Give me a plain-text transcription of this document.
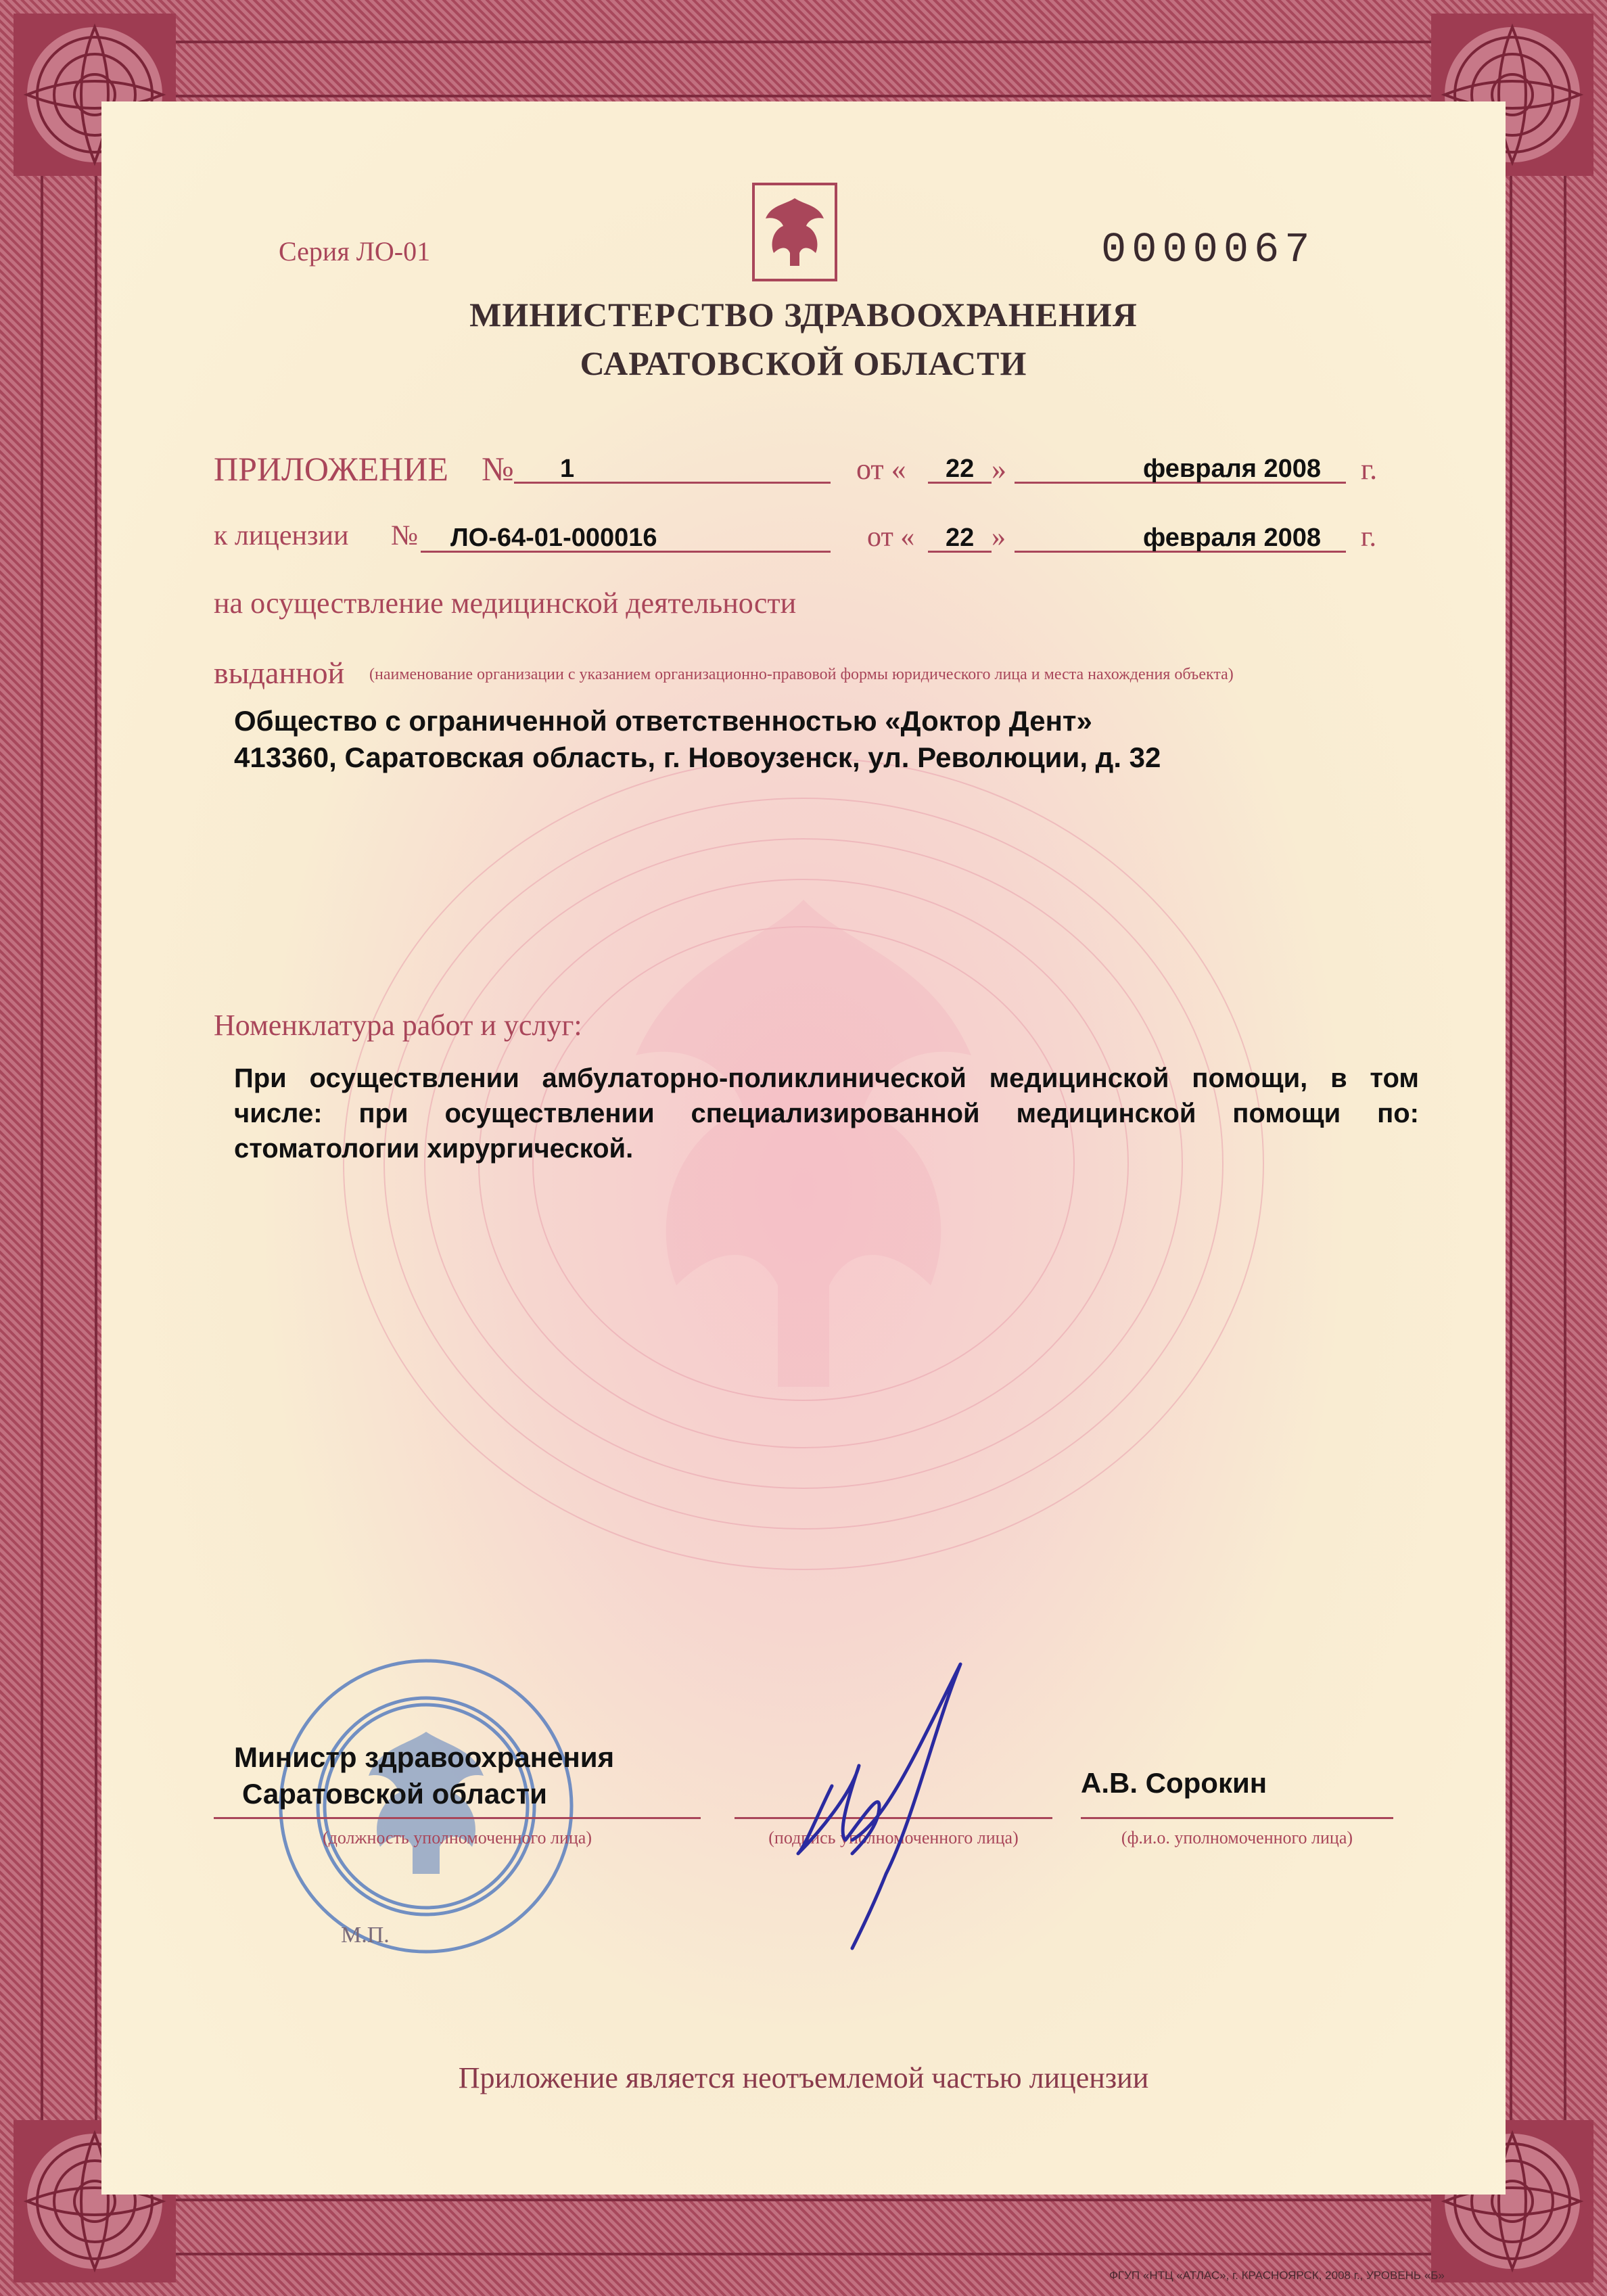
Серия ЛО-01	0000067
МИНИСТЕРСТВО ЗДРАВООХРАНЕНИЯ
САРАТОВСКОЙ ОБЛАСТИ
ПРИЛОЖЕНИЕ № 1	от « 22 »	февраля 2008 г.
к лицензии № ЛО-64-01-000016	от « 22 »	февраля 2008 г.
на осуществление медицинской деятельности
выданной (наименование организации с указанием организационно-правовой формы юридического лица и места нахождения объекта)
Общество с ограниченной ответственностью «Доктор Дент»
413360, Саратовская область, г. Новоузенск, ул. Революции, д. 32
Номенклатура работ и услуг:
При осуществлении амбулаторно-поликлинической медицинской помощи, в том
числе: при осуществлении специализированной медицинской помощи по:
стоматологии хирургической.
Министр здравоохранения
Саратовской области
(должность уполномоченного лица)	(подпись уполномоченного лица)
А.В. Сорокин
(ф.и.о. уполномоченного лица)
М.П.
Приложение является неотъемлемой частью лицензии
ФГУП «НТЦ «АТЛАС», г. КРАСНОЯРСК, 2008 г., УРОВЕНЬ «Б»
